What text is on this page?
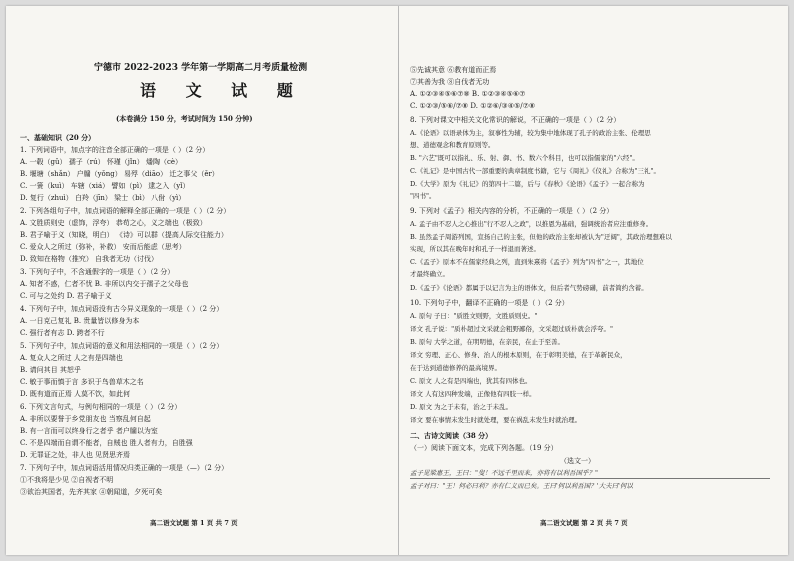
宁德市 2022-2023 学年第一学期高二月考质量检测
语 文 试 题
(本卷满分 150 分，考试时间为 150 分钟)
一、基础知识（20 分）
1. 下列词语中，加点字的注音全部正确的一项是（ ）（2 分）
A. 一毂（gǔ） 孺子（rú） 怀瑾（jǐn） 燔陶（cè）
B. 堰塘（shǎn） 户牖（yǒng） 易殍（diāo） 迁之事父（ěr）
C. 一箦（kuì） 车辖（xiá） 譬如（pì） 逮之入（yǐ）
D. 复行（zhuì） 白羚（jīn） 梁士（bì） 八佾（yì）
2. 下列各组句子中，加点词语的解释全部正确的一项是（ ）（2 分）
A. 文胜质则史（虚饰，浮夸） 恭苟之心，义之端也（极致）
B. 君子喻于义（知晓，明白） 《诗》可以群（提高人际交往能力）
C. 爱众人之所过（弥补，补救） 安而后能虑（思考）
D. 致知在格物（推究） 自我者无功（讨伐）
3. 下列句子中，不含通假字的一项是（ ）（2 分）
A. 知者不惑，仁者不忧 B. 非所以内交于孺子之父母也
C. 可与之处约 D. 君子喻于义
4. 下列句子中，加点词语没有古今异义现象的一项是（ ）（2 分）
A. 一日克己复礼 B. 贵量皆以修身为本
C. 强行者有志 D. 跨者不行
5. 下列句子中，加点词语的意义和用法相同的一项是（ ）（2 分）
A. 复众人之所过 人之有是四端也
B. 请问其目 其恕乎
C. 敏于事而慎于言 多识于鸟兽草木之名
D. 既有道而正焉 人莫不饮，如此何
6. 下列文言句式，与例句相同的一项是（ ）（2 分）
A. 非所以要誉于乡党朋友也 当察乱何自起
B. 有一言而可以终身行之者乎 者户牖以为室
C. 不是四端而自谓不能者，自贼也 胜人者有力，自胜强
D. 无罪证之处，非人也 见贤思齐焉
7. 下列句子中，加点词语活用情况归类正确的一项是（—）（2 分）
①不我将是少见 ②自视者不明
③欲治其国者，先齐其家 ④朝闻道，夕死可矣
高二语文试题 第 1 页 共 7 页
⑤先诚其意 ⑥教有道而正焉
⑦其善为我 ⑧自伐者无功
A. ①②③④⑤⑥⑦⑧ B. ①②③④⑤⑥⑦
C. ①②③/⑤⑥/⑦⑧ D. ①②⑥/③④⑤/⑦⑧
8. 下列对课文中相关文化常识的解说，不正确的一项是（ ）（2 分）
A.《论语》以语录体为主，叙事性为辅，较为集中地体现了孔子的政治主张、伦理思
想、道德观念和教育原则等。
B. "六艺"既可以指礼、乐、射、御、书、数六个科目，也可以指儒家的"六经"。
C.《礼记》是中国古代一部重要的典章制度书籍，它与《周礼》《仪礼》合称为"三礼"。
D.《大学》原为《礼记》的第四十二篇，后与《春秋》《论语》《孟子》一起合称为
"四书"。
9. 下列对《孟子》相关内容的分析，不正确的一项是（ ）（2 分）
A. 孟子由不忍人之心推出"行不忍人之政"，以推恩为基础，强调统治者应注重修身。
B. 虽然孟子周游列国，宣扬自己的主张，但他的政治主张却被认为"迂阔"，其政治理想难以
实现，所以其在晚年时和孔子一样退而著述。
C.《孟子》原本不在儒家经典之列，直到朱熹将《孟子》列为"四书"之一，其地位
才最终确立。
D.《孟子》《论语》都属于以记言为主的语体文，但后者气势磅礴，前者简约含蓄。
10. 下列句子中，翻译不正确的一项是（ ）（2 分）
A. 原句 子曰："质胜文则野，文胜质则史。"
译文 孔子说："质朴超过文采就会粗野鄙俗，文采超过质朴就会浮夸。"
B. 原句 大学之道，在明明德，在亲民，在止于至善。
译文 穷理、正心、修身、治人的根本原则，在于彰明美德，在于革新民众，
在于达到道德修养的最高境界。
C. 原文 人之有是四端也，犹其有四体也。
译文 人有这四种发端，正像他有四肢一样。
D. 原文 为之于未有，治之于未乱。
译文 要在事情未发生时就处理，要在祸乱未发生时就治理。
二、古诗文阅读（38 分）
（一）阅读下面文本，完成下列各题。（19 分）
（选文一）
孟子见梁惠王，王曰："叟！不远千里而来，亦将有以利吾国乎？"
孟子对曰："王！何必曰利？亦有仁义而已矣。王曰'何以利吾国？'大夫曰'何以
高二语文试题 第 2 页 共 7 页
